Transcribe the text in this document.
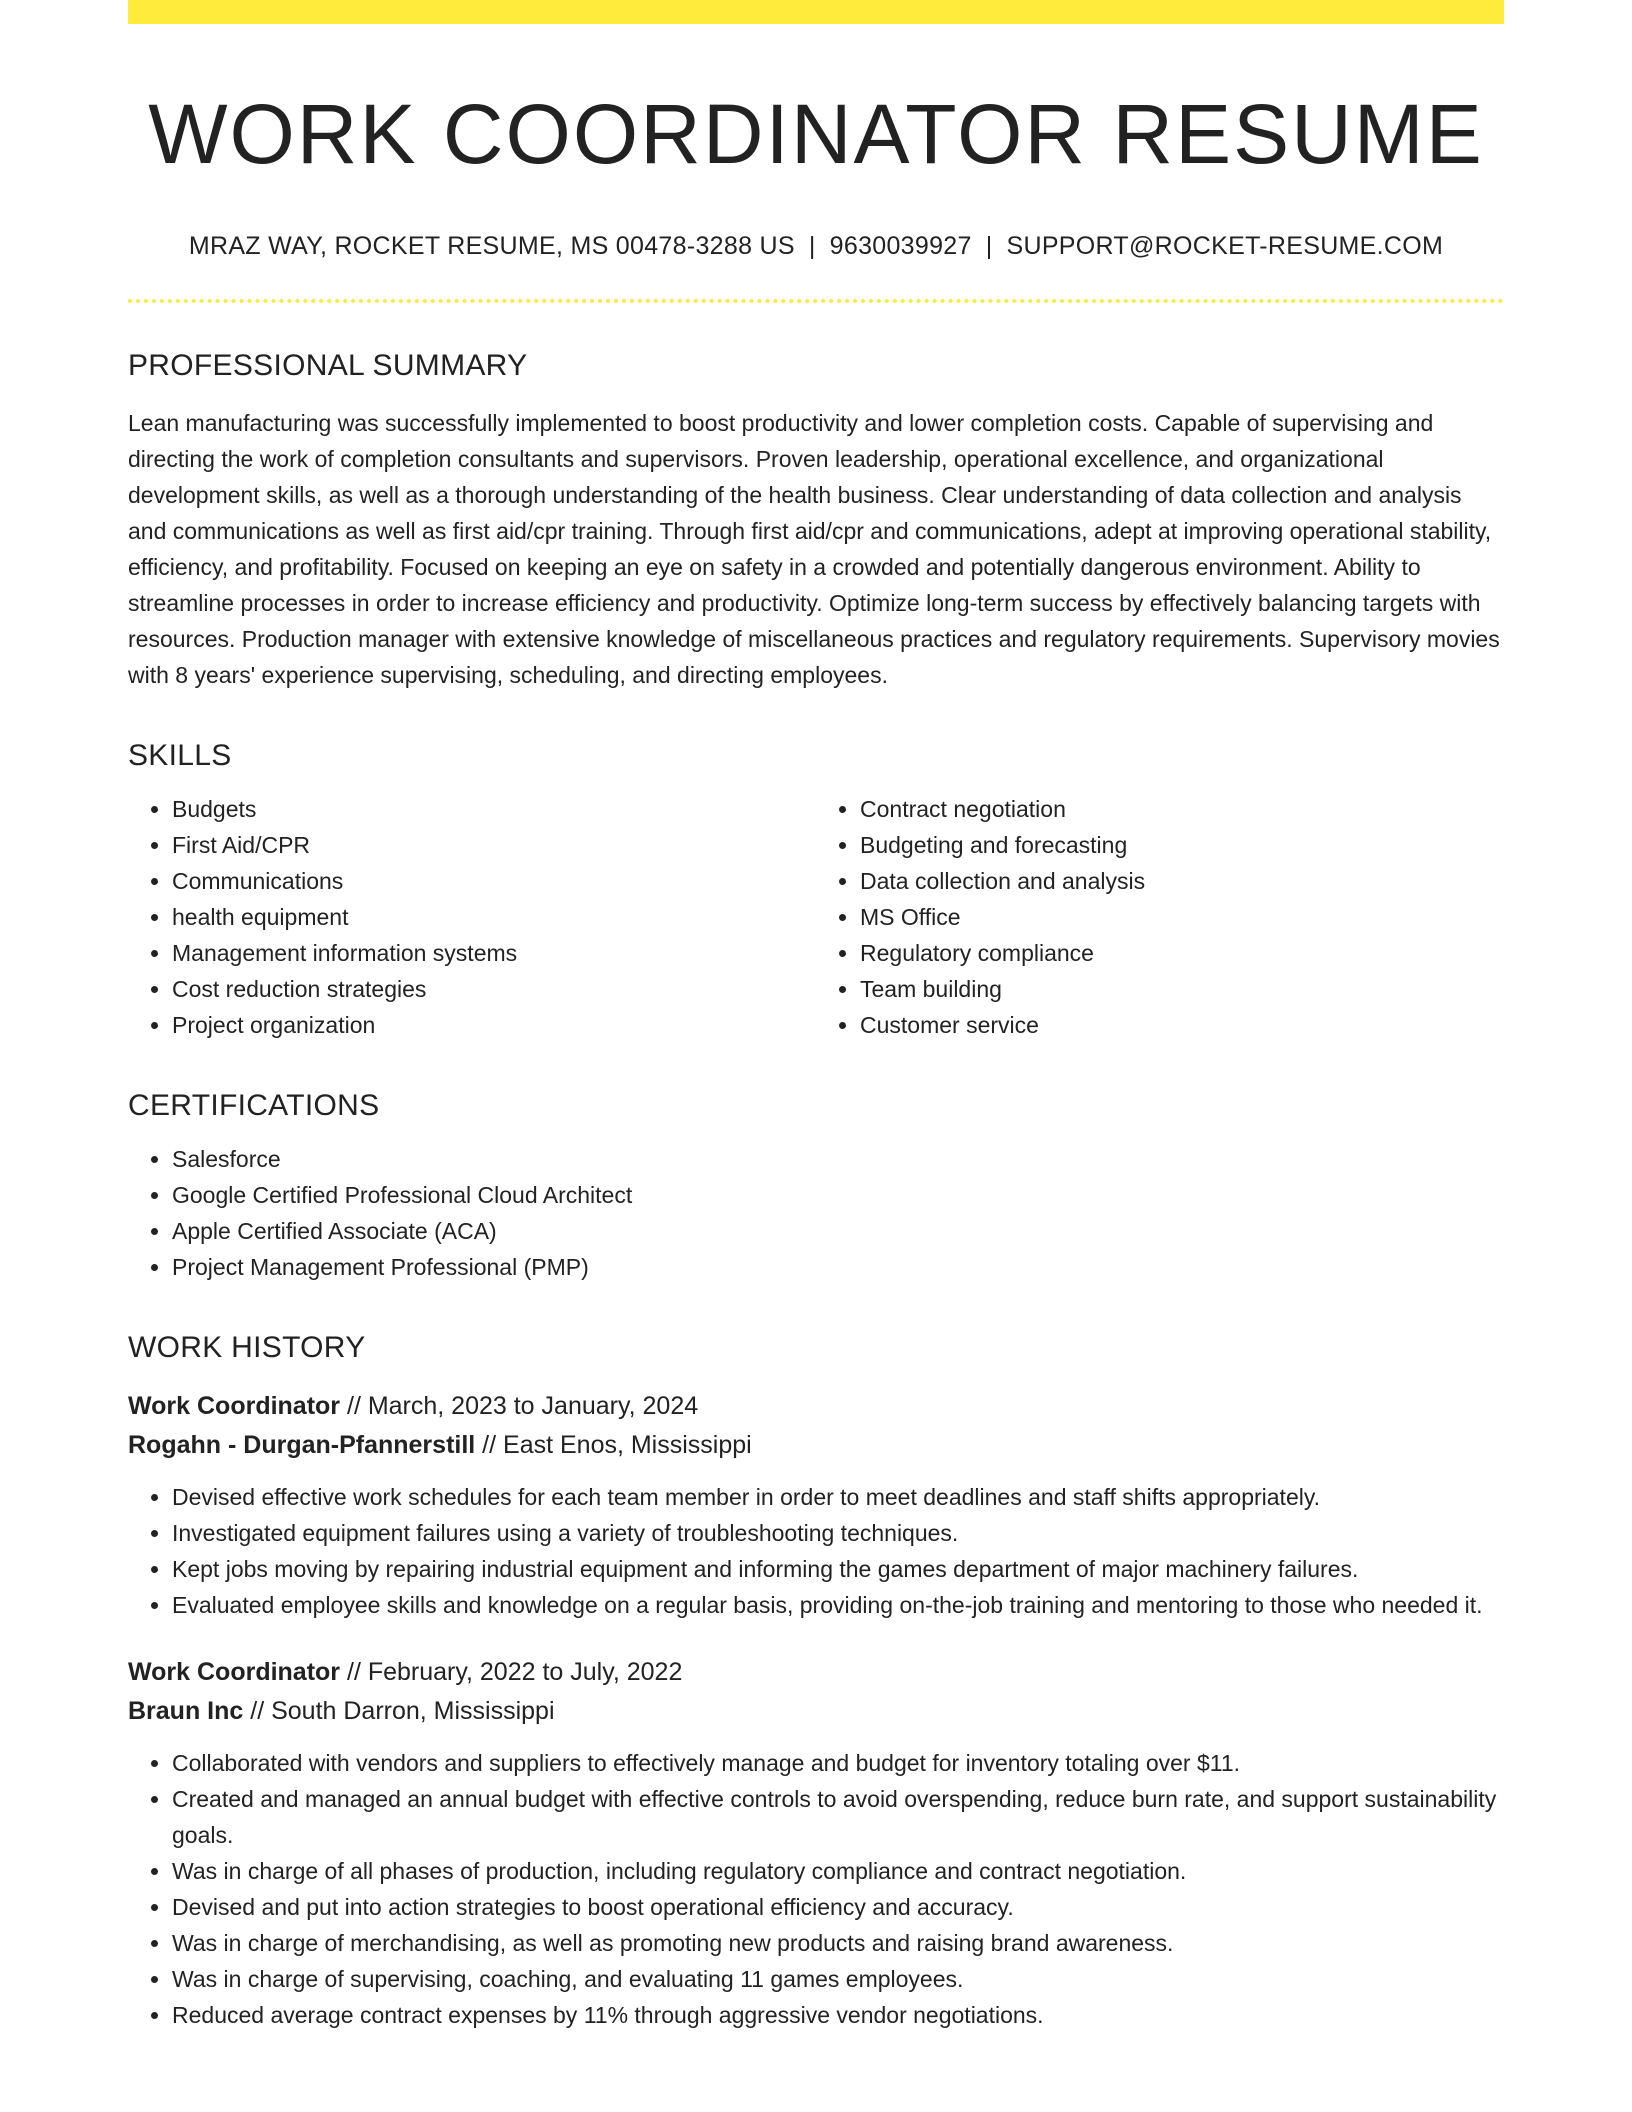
WORK COORDINATOR RESUME
MRAZ WAY, ROCKET RESUME, MS 00478-3288 US | 9630039927 | SUPPORT@ROCKET-RESUME.COM
PROFESSIONAL SUMMARY

Lean manufacturing was successfully implemented to boost productivity and lower completion costs. Capable of supervising and directing the work of completion consultants and supervisors. Proven leadership, operational excellence, and organizational development skills, as well as a thorough understanding of the health business. Clear understanding of data collection and analysis and communications as well as first aid/cpr training. Through first aid/cpr and communications, adept at improving operational stability, efficiency, and profitability. Focused on keeping an eye on safety in a crowded and potentially dangerous environment. Ability to streamline processes in order to increase efficiency and productivity. Optimize long-term success by effectively balancing targets with resources. Production manager with extensive knowledge of miscellaneous practices and regulatory requirements. Supervisory movies with 8 years' experience supervising, scheduling, and directing employees.

SKILLS
• Budgets
• First Aid/CPR
• Communications
• health equipment
• Management information systems
• Cost reduction strategies
• Project organization
• Contract negotiation
• Budgeting and forecasting
• Data collection and analysis
• MS Office
• Regulatory compliance
• Team building
• Customer service
CERTIFICATIONS
• Salesforce
• Google Certified Professional Cloud Architect
• Apple Certified Associate (ACA)
• Project Management Professional (PMP)
WORK HISTORY
Work Coordinator // March, 2023 to January, 2024
Rogahn - Durgan-Pfannerstill // East Enos, Mississippi
• Devised effective work schedules for each team member in order to meet deadlines and staff shifts appropriately.
• Investigated equipment failures using a variety of troubleshooting techniques.
• Kept jobs moving by repairing industrial equipment and informing the games department of major machinery failures.
• Evaluated employee skills and knowledge on a regular basis, providing on-the-job training and mentoring to those who needed it.
Work Coordinator // February, 2022 to July, 2022
Braun Inc // South Darron, Mississippi
• Collaborated with vendors and suppliers to effectively manage and budget for inventory totaling over $11.
• Created and managed an annual budget with effective controls to avoid overspending, reduce burn rate, and support sustainability goals.
• Was in charge of all phases of production, including regulatory compliance and contract negotiation.
• Devised and put into action strategies to boost operational efficiency and accuracy.
• Was in charge of merchandising, as well as promoting new products and raising brand awareness.
• Was in charge of supervising, coaching, and evaluating 11 games employees.
• Reduced average contract expenses by 11% through aggressive vendor negotiations.
